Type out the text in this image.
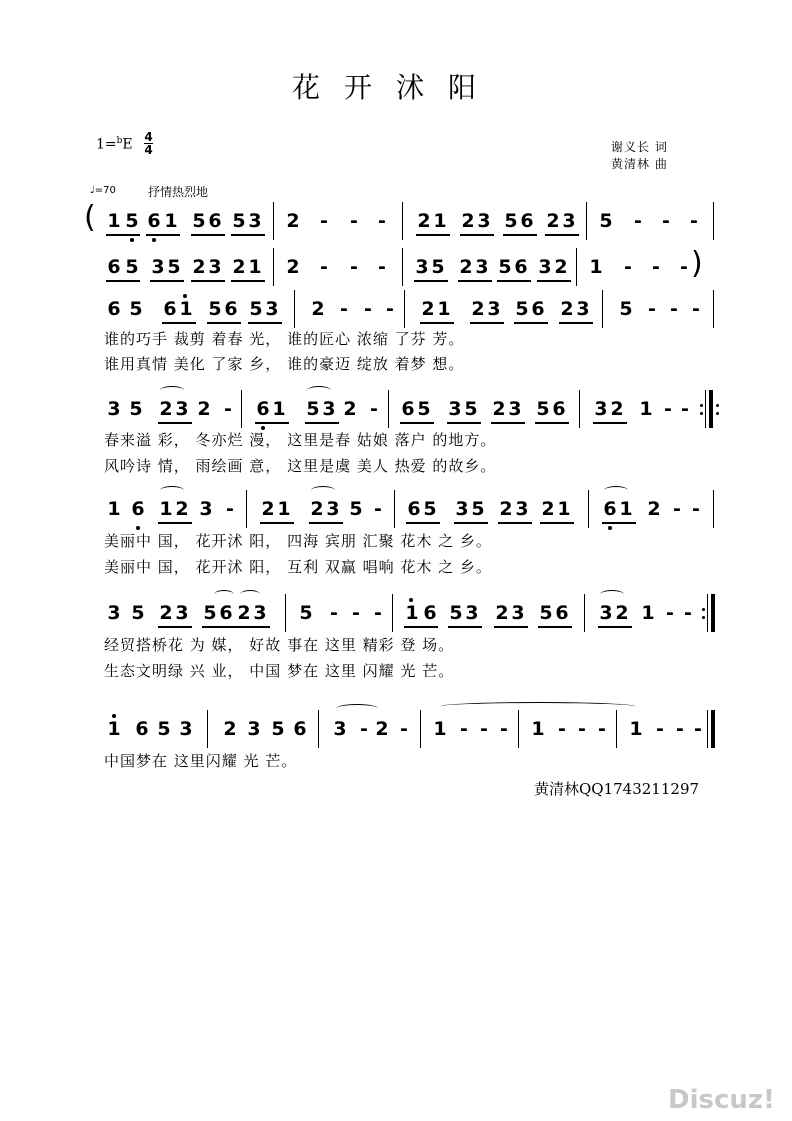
花开沭阳
1=$^b$E 4
4	谢义长 词
黄清林 曲
♩=70	抒情热烈地
( 1 5 6 1 5 6 5 3 2 - - - 2 1 2 3 5 6 2 3 5 - - -
6 5 3 5 2 3 2 1 2 - - - 3 5 2 3 5 6 3 2 1 - - - )
6 5 6 1 5 6 5 3 2 - - - 2 1 2 3 5 6 2 3 5 - - -
谁的巧手 裁剪 着春 光， 谁的匠心 浓缩 了芬 芳。
谁用真情 美化 了家 乡， 谁的豪迈 绽放 着梦 想。
3 5 2 3 2 - 6 1 5 3 2 - 6 5 3 5 2 3 5 6 3 2 1 - -
春来溢 彩， 冬亦烂 漫， 这里是春 姑娘 落户 的地方。
风吟诗 情， 雨绘画 意， 这里是虞 美人 热爱 的故乡。
1 6 1 2 3 - 2 1 2 3 5 - 6 5 3 5 2 3 2 1 6 1 2 - -
美丽中 国， 花开沭 阳， 四海 宾朋 汇聚 花木 之 乡。
美丽中 国， 花开沭 阳， 互利 双赢 唱响 花木 之 乡。
3 5 2 3 5 6 2 3 5 - - - 1 6 5 3 2 3 5 6 3 2 1 - -
经贸搭桥花 为 媒， 好故 事在 这里 精彩 登 场。
生态文明绿 兴 业， 中国 梦在 这里 闪耀 光 芒。
1 6 5 3 2 3 5 6 3 - 2 - 1 - - - 1 - - - 1 - - -
中国梦在 这里闪耀 光 芒。
黄清林QQ1743211297
Discuz!
